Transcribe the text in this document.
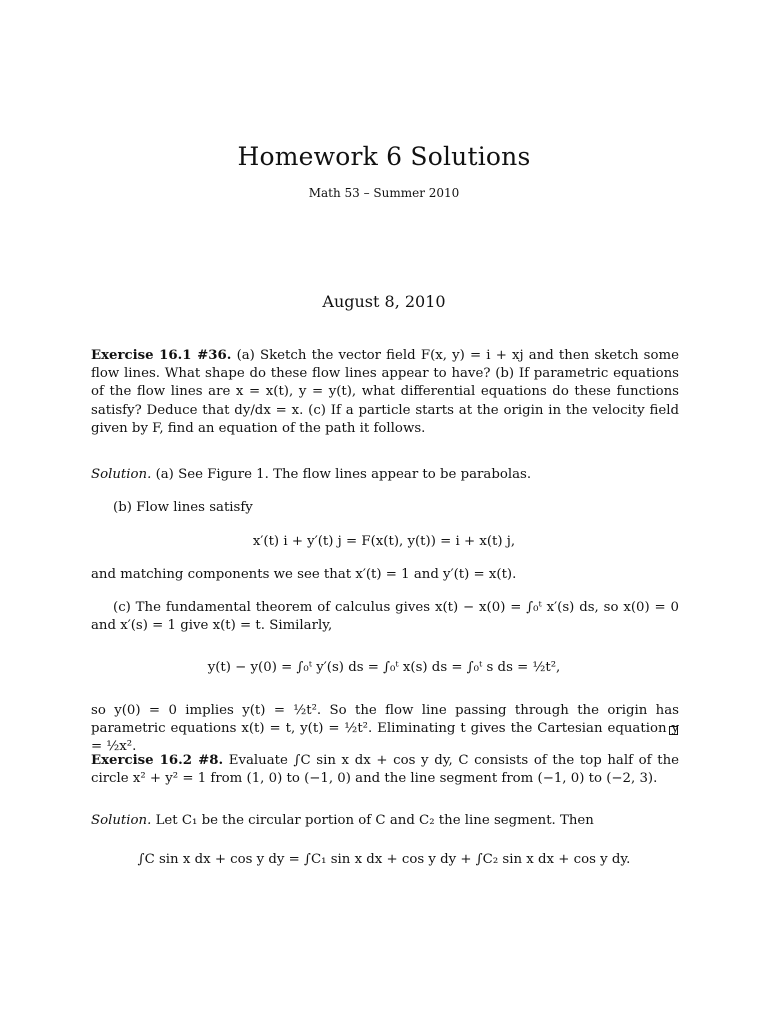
Homework 6 Solutions
Math 53 – Summer 2010
August 8, 2010
Exercise 16.1 #36. (a) Sketch the vector field F(x, y) = i + xj and then sketch some flow lines. What shape do these flow lines appear to have? (b) If parametric equations of the flow lines are x = x(t), y = y(t), what differential equations do these functions satisfy? Deduce that dy/dx = x. (c) If a particle starts at the origin in the velocity field given by F, find an equation of the path it follows.
Solution. (a) See Figure 1. The flow lines appear to be parabolas.
(b) Flow lines satisfy
x′(t) i + y′(t) j = F(x(t), y(t)) = i + x(t) j,
and matching components we see that x′(t) = 1 and y′(t) = x(t).
(c) The fundamental theorem of calculus gives x(t) − x(0) = ∫₀ᵗ x′(s) ds, so x(0) = 0 and x′(s) = 1 give x(t) = t. Similarly,
y(t) − y(0) = ∫₀ᵗ y′(s) ds = ∫₀ᵗ x(s) ds = ∫₀ᵗ s ds = ½t²,
so y(0) = 0 implies y(t) = ½t². So the flow line passing through the origin has parametric equations x(t) = t, y(t) = ½t². Eliminating t gives the Cartesian equation y = ½x².
Exercise 16.2 #8. Evaluate ∫C sin x dx + cos y dy, C consists of the top half of the circle x² + y² = 1 from (1, 0) to (−1, 0) and the line segment from (−1, 0) to (−2, 3).
Solution. Let C₁ be the circular portion of C and C₂ the line segment. Then
∫C sin x dx + cos y dy = ∫C₁ sin x dx + cos y dy + ∫C₂ sin x dx + cos y dy.
